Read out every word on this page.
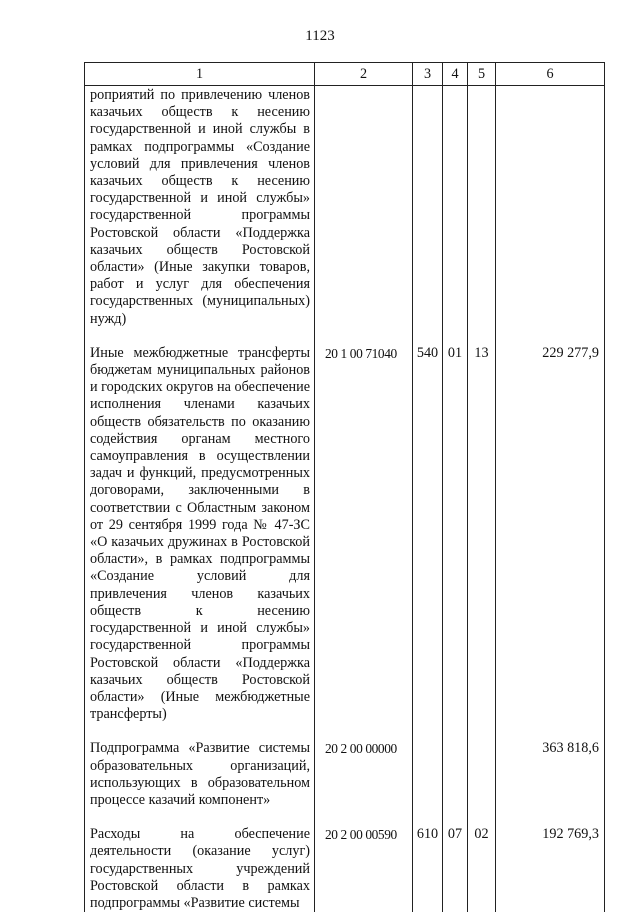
1123
1	2	3	4	5	6
роприятий по привлечению членов казачьих обществ к несению государственной и иной службы в рамках подпрограммы «Создание условий для привлечения членов казачьих обществ к несению государственной и иной службы» государственной программы Ростовской области «Поддержка казачьих обществ Ростовской области» (Иные закупки товаров, работ и услуг для обеспечения государственных (муниципальных) нужд)					
Иные межбюджетные трансферты бюджетам муниципальных районов и городских округов на обеспечение исполнения членами казачьих обществ обязательств по оказанию содействия органам местного самоуправления в осуществлении задач и функций, предусмотренных договорами, заключенными в соответствии с Областным законом от 29 сентября 1999 года № 47-ЗС «О казачьих дружинах в Ростовской области», в рамках подпрограммы «Создание условий для привлечения членов казачьих обществ к несению государственной и иной службы» государственной программы Ростовской области «Поддержка казачьих обществ Ростовской области» (Иные межбюджетные трансферты)	20 1 00 71040	540	01	13	229 277,9
Подпрограмма «Развитие системы образовательных организаций, использующих в образовательном процессе казачий компонент»	20 2 00 00000				363 818,6
Расходы на обеспечение деятельности (оказание услуг) государственных учреждений Ростовской области в рамках подпрограммы «Развитие системы	20 2 00 00590	610	07	02	192 769,3
